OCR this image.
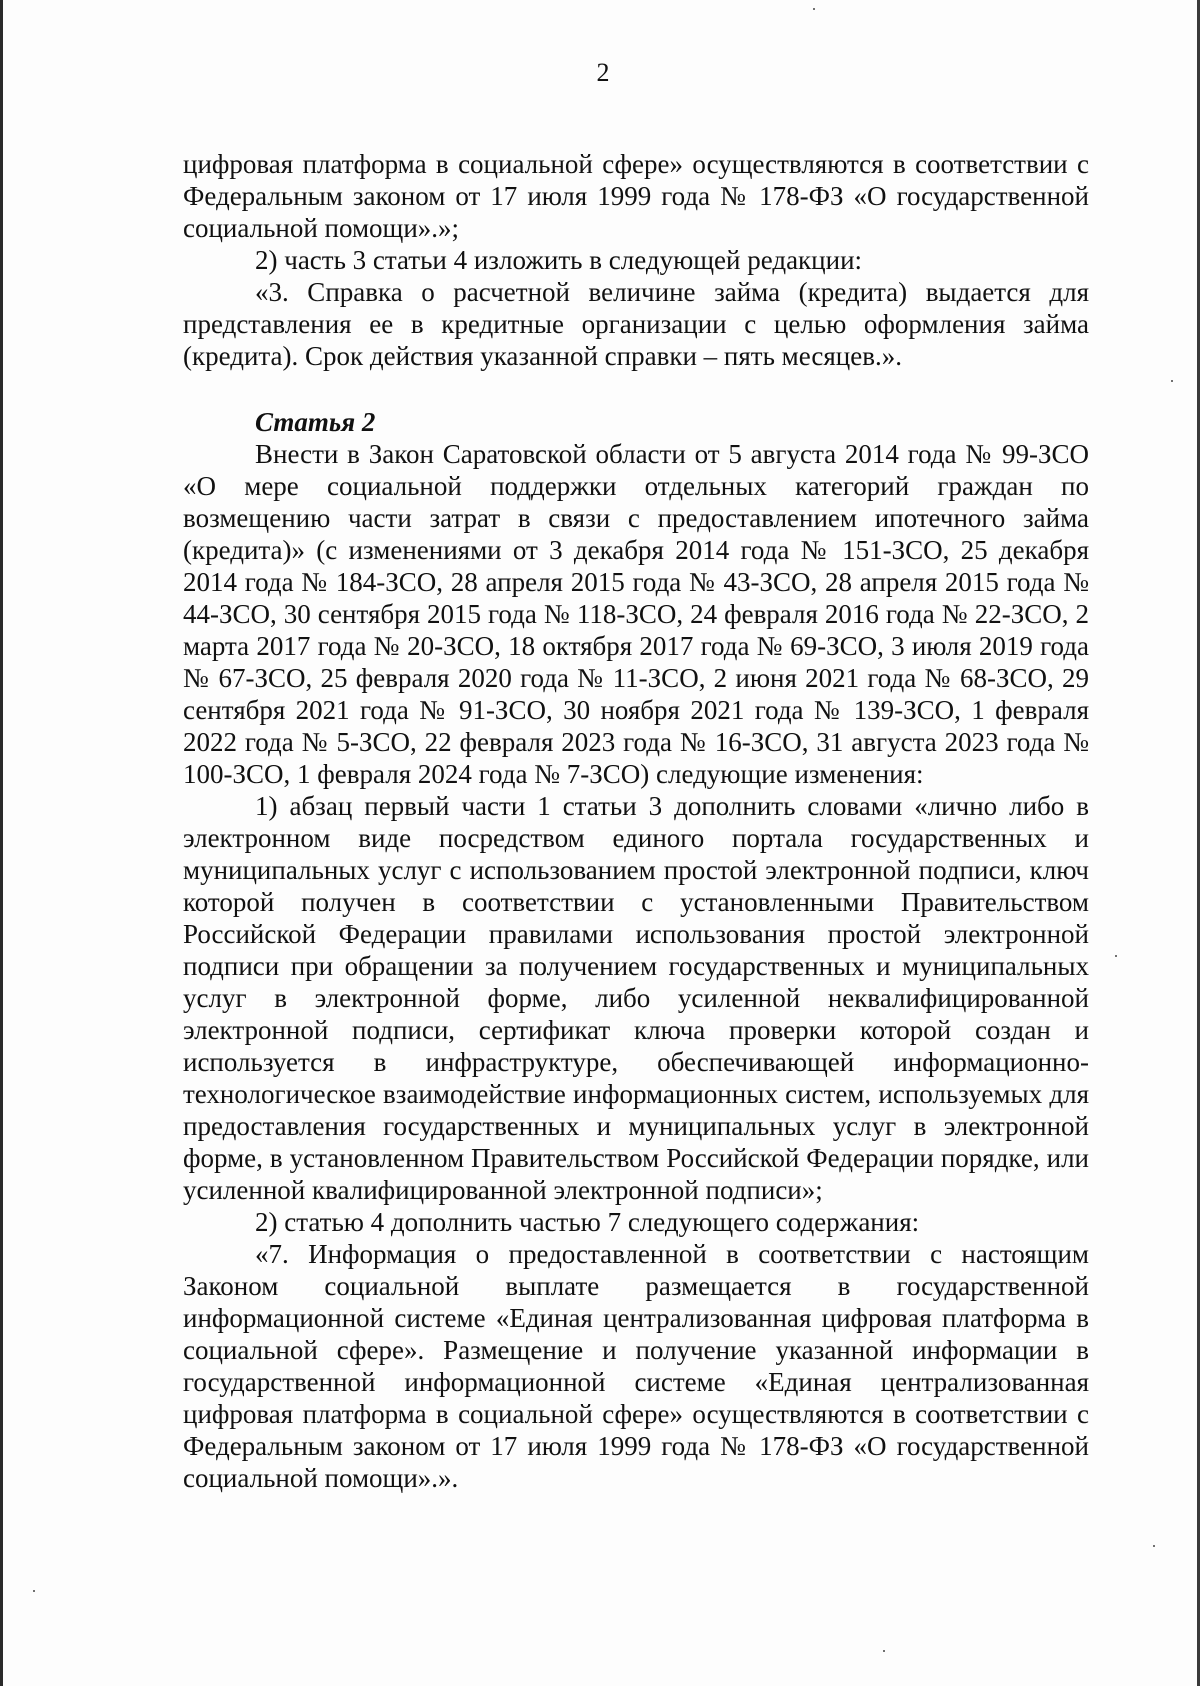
2

цифровая платформа в социальной сфере» осуществляются в соответствии с Федеральным законом от 17 июля 1999 года № 178-ФЗ «О государственной социальной помощи».»;

2) часть 3 статьи 4 изложить в следующей редакции:

«3. Справка о расчетной величине займа (кредита) выдается для представления ее в кредитные организации с целью оформления займа (кредита). Срок действия указанной справки – пять месяцев.».

Статья 2

Внести в Закон Саратовской области от 5 августа 2014 года № 99-ЗСО «О мере социальной поддержки отдельных категорий граждан по возмещению части затрат в связи с предоставлением ипотечного займа (кредита)» (с изменениями от 3 декабря 2014 года № 151-ЗСО, 25 декабря 2014 года № 184-ЗСО, 28 апреля 2015 года № 43-ЗСО, 28 апреля 2015 года № 44-ЗСО, 30 сентября 2015 года № 118-ЗСО, 24 февраля 2016 года № 22-ЗСО, 2 марта 2017 года № 20-ЗСО, 18 октября 2017 года № 69-ЗСО, 3 июля 2019 года № 67-ЗСО, 25 февраля 2020 года № 11-ЗСО, 2 июня 2021 года № 68-ЗСО, 29 сентября 2021 года № 91-ЗСО, 30 ноября 2021 года № 139-ЗСО, 1 февраля 2022 года № 5-ЗСО, 22 февраля 2023 года № 16-ЗСО, 31 августа 2023 года № 100-ЗСО, 1 февраля 2024 года № 7-ЗСО) следующие изменения:

1) абзац первый части 1 статьи 3 дополнить словами «лично либо в электронном виде посредством единого портала государственных и муниципальных услуг с использованием простой электронной подписи, ключ которой получен в соответствии с установленными Правительством Российской Федерации правилами использования простой электронной подписи при обращении за получением государственных и муниципальных услуг в электронной форме, либо усиленной неквалифицированной электронной подписи, сертификат ключа проверки которой создан и используется в инфраструктуре, обеспечивающей информационно-технологическое взаимодействие информационных систем, используемых для предоставления государственных и муниципальных услуг в электронной форме, в установленном Правительством Российской Федерации порядке, или усиленной квалифицированной электронной подписи»;

2) статью 4 дополнить частью 7 следующего содержания:

«7. Информация о предоставленной в соответствии с настоящим Законом социальной выплате размещается в государственной информационной системе «Единая централизованная цифровая платформа в социальной сфере». Размещение и получение указанной информации в государственной информационной системе «Единая централизованная цифровая платформа в социальной сфере» осуществляются в соответствии с Федеральным законом от 17 июля 1999 года № 178-ФЗ «О государственной социальной помощи».».
